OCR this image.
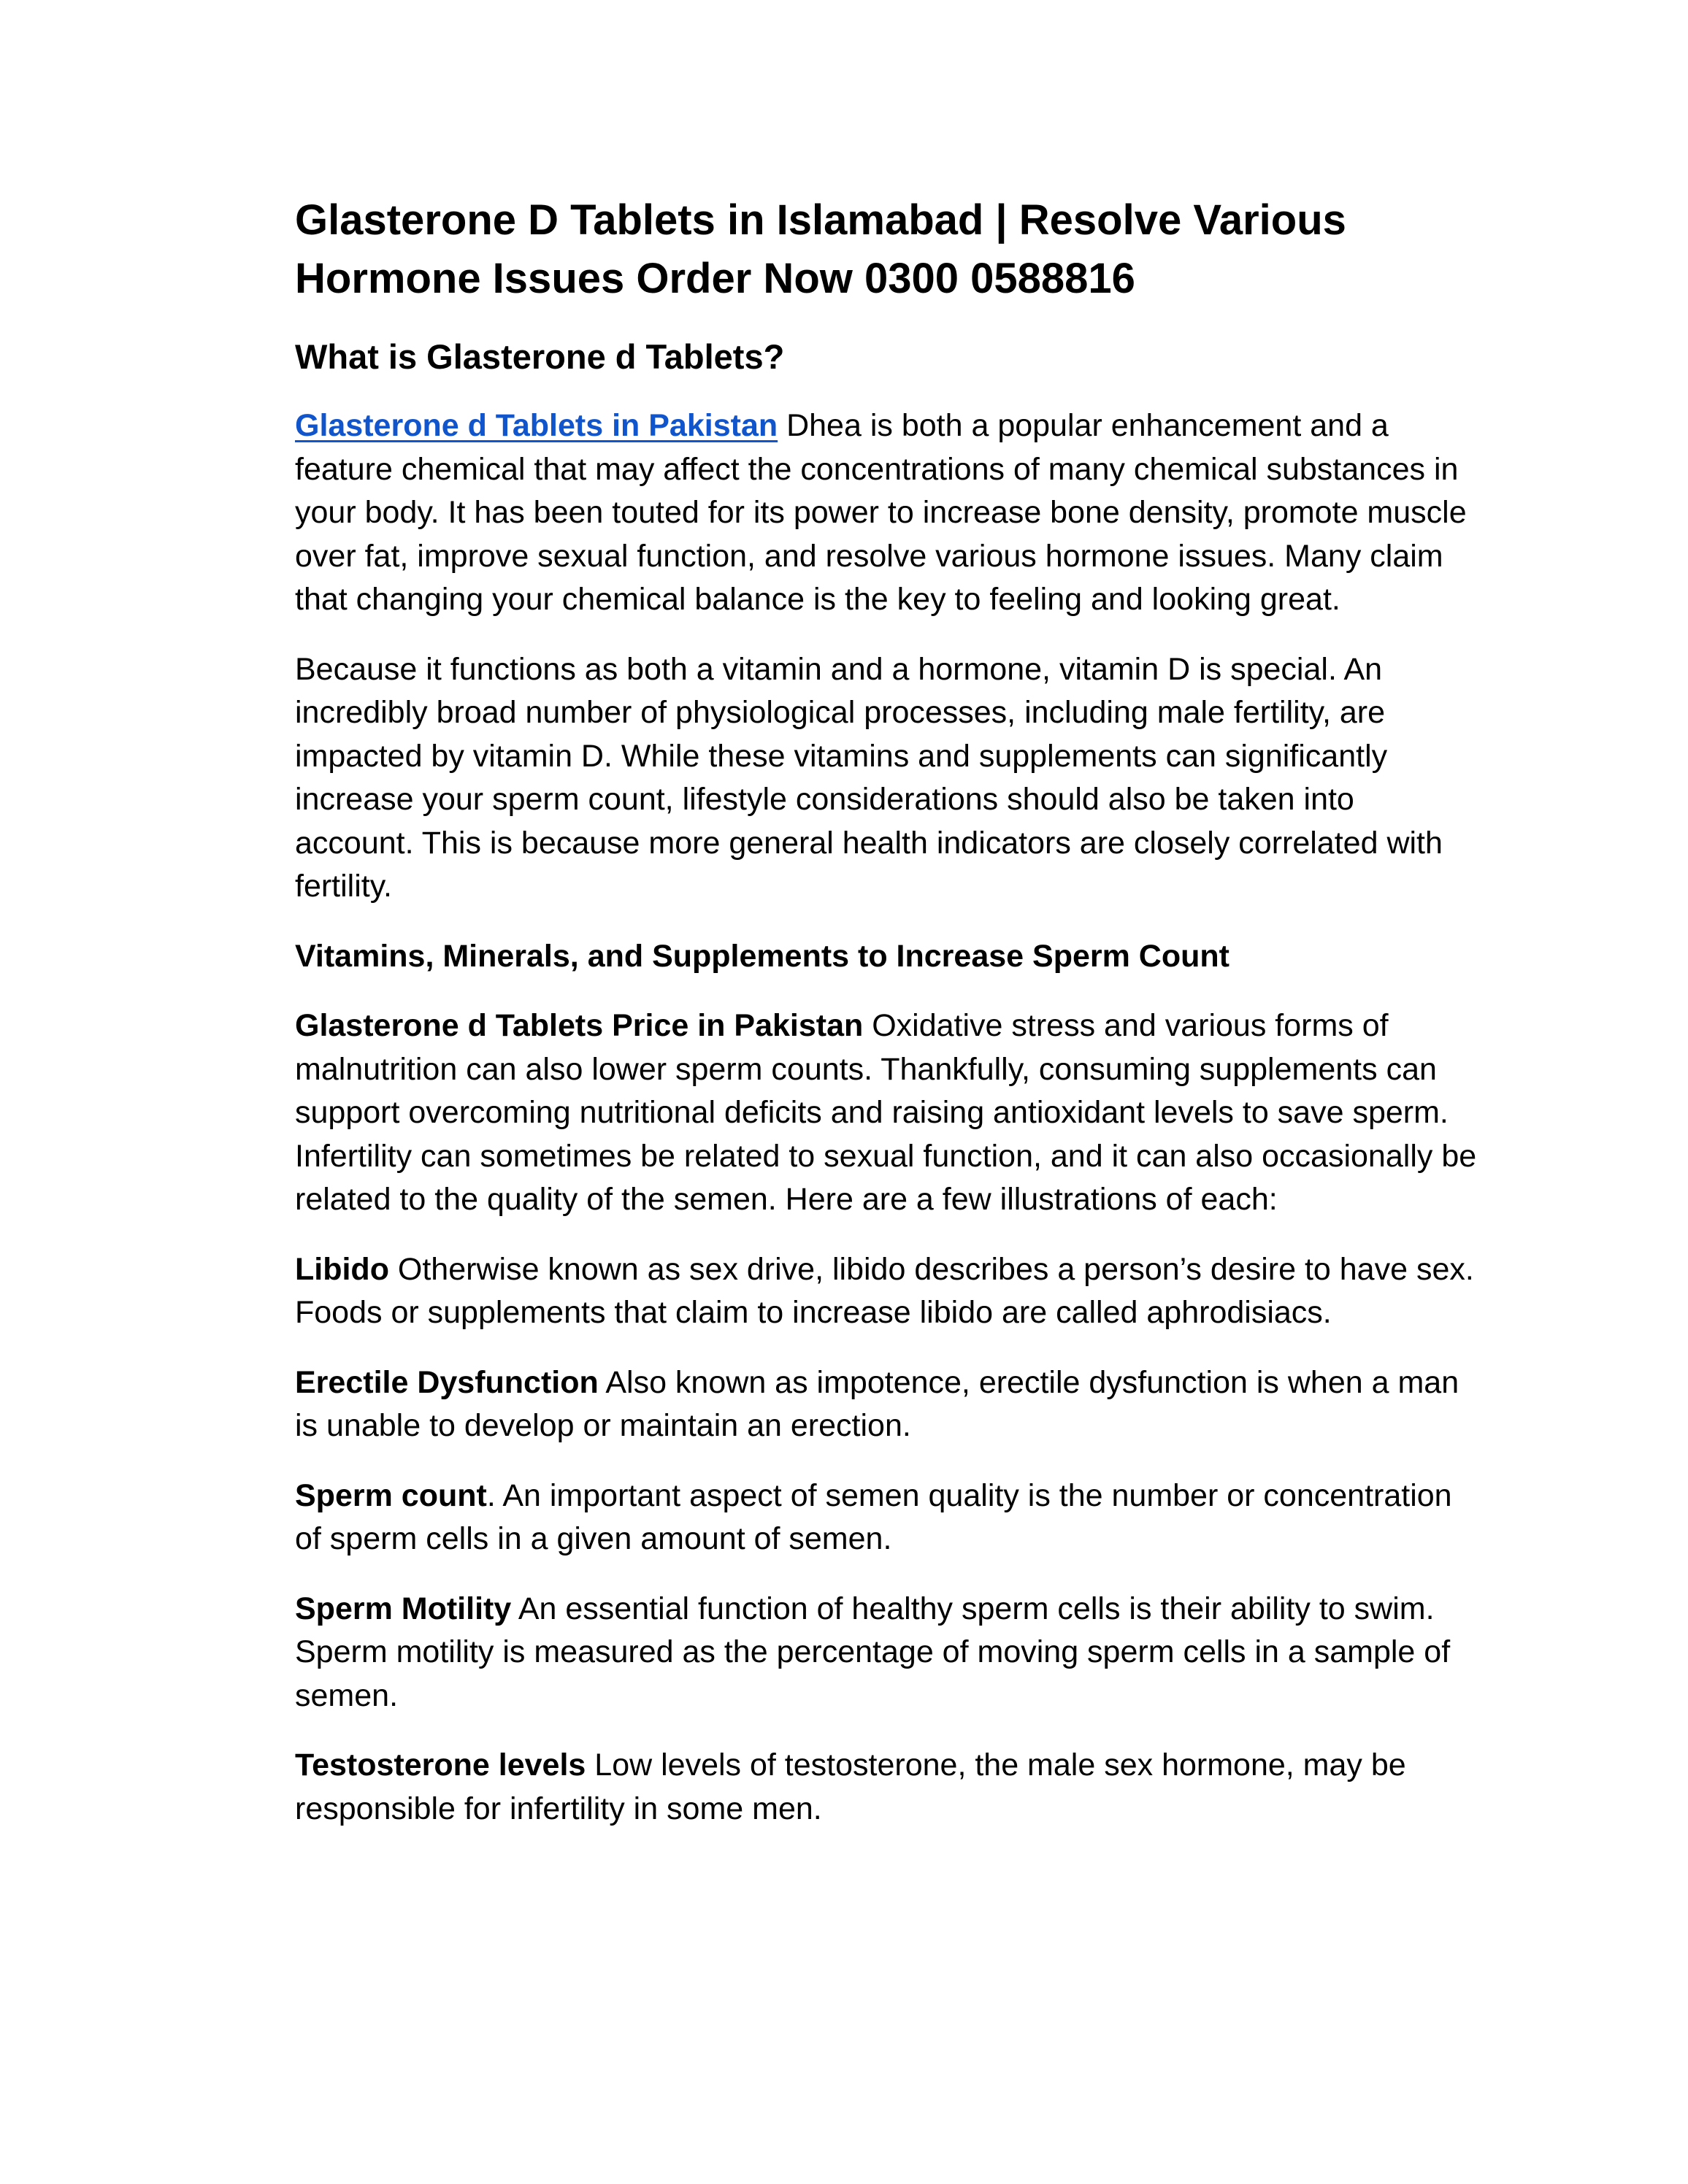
Glasterone D Tablets in Islamabad | Resolve Various Hormone Issues Order Now 0300 0588816
What is Glasterone d Tablets?

Glasterone d Tablets in Pakistan Dhea is both a popular enhancement and a feature chemical that may affect the concentrations of many chemical substances in your body. It has been touted for its power to increase bone density, promote muscle over fat, improve sexual function, and resolve various hormone issues. Many claim that changing your chemical balance is the key to feeling and looking great.

Because it functions as both a vitamin and a hormone, vitamin D is special. An incredibly broad number of physiological processes, including male fertility, are impacted by vitamin D. While these vitamins and supplements can significantly increase your sperm count, lifestyle considerations should also be taken into account. This is because more general health indicators are closely correlated with fertility.

Vitamins, Minerals, and Supplements to Increase Sperm Count

Glasterone d Tablets Price in Pakistan Oxidative stress and various forms of malnutrition can also lower sperm counts. Thankfully, consuming supplements can support overcoming nutritional deficits and raising antioxidant levels to save sperm. Infertility can sometimes be related to sexual function, and it can also occasionally be related to the quality of the semen. Here are a few illustrations of each:

Libido Otherwise known as sex drive, libido describes a person’s desire to have sex. Foods or supplements that claim to increase libido are called aphrodisiacs.

Erectile Dysfunction Also known as impotence, erectile dysfunction is when a man is unable to develop or maintain an erection.

Sperm count. An important aspect of semen quality is the number or concentration of sperm cells in a given amount of semen.

Sperm Motility An essential function of healthy sperm cells is their ability to swim. Sperm motility is measured as the percentage of moving sperm cells in a sample of semen.

Testosterone levels Low levels of testosterone, the male sex hormone, may be responsible for infertility in some men.
